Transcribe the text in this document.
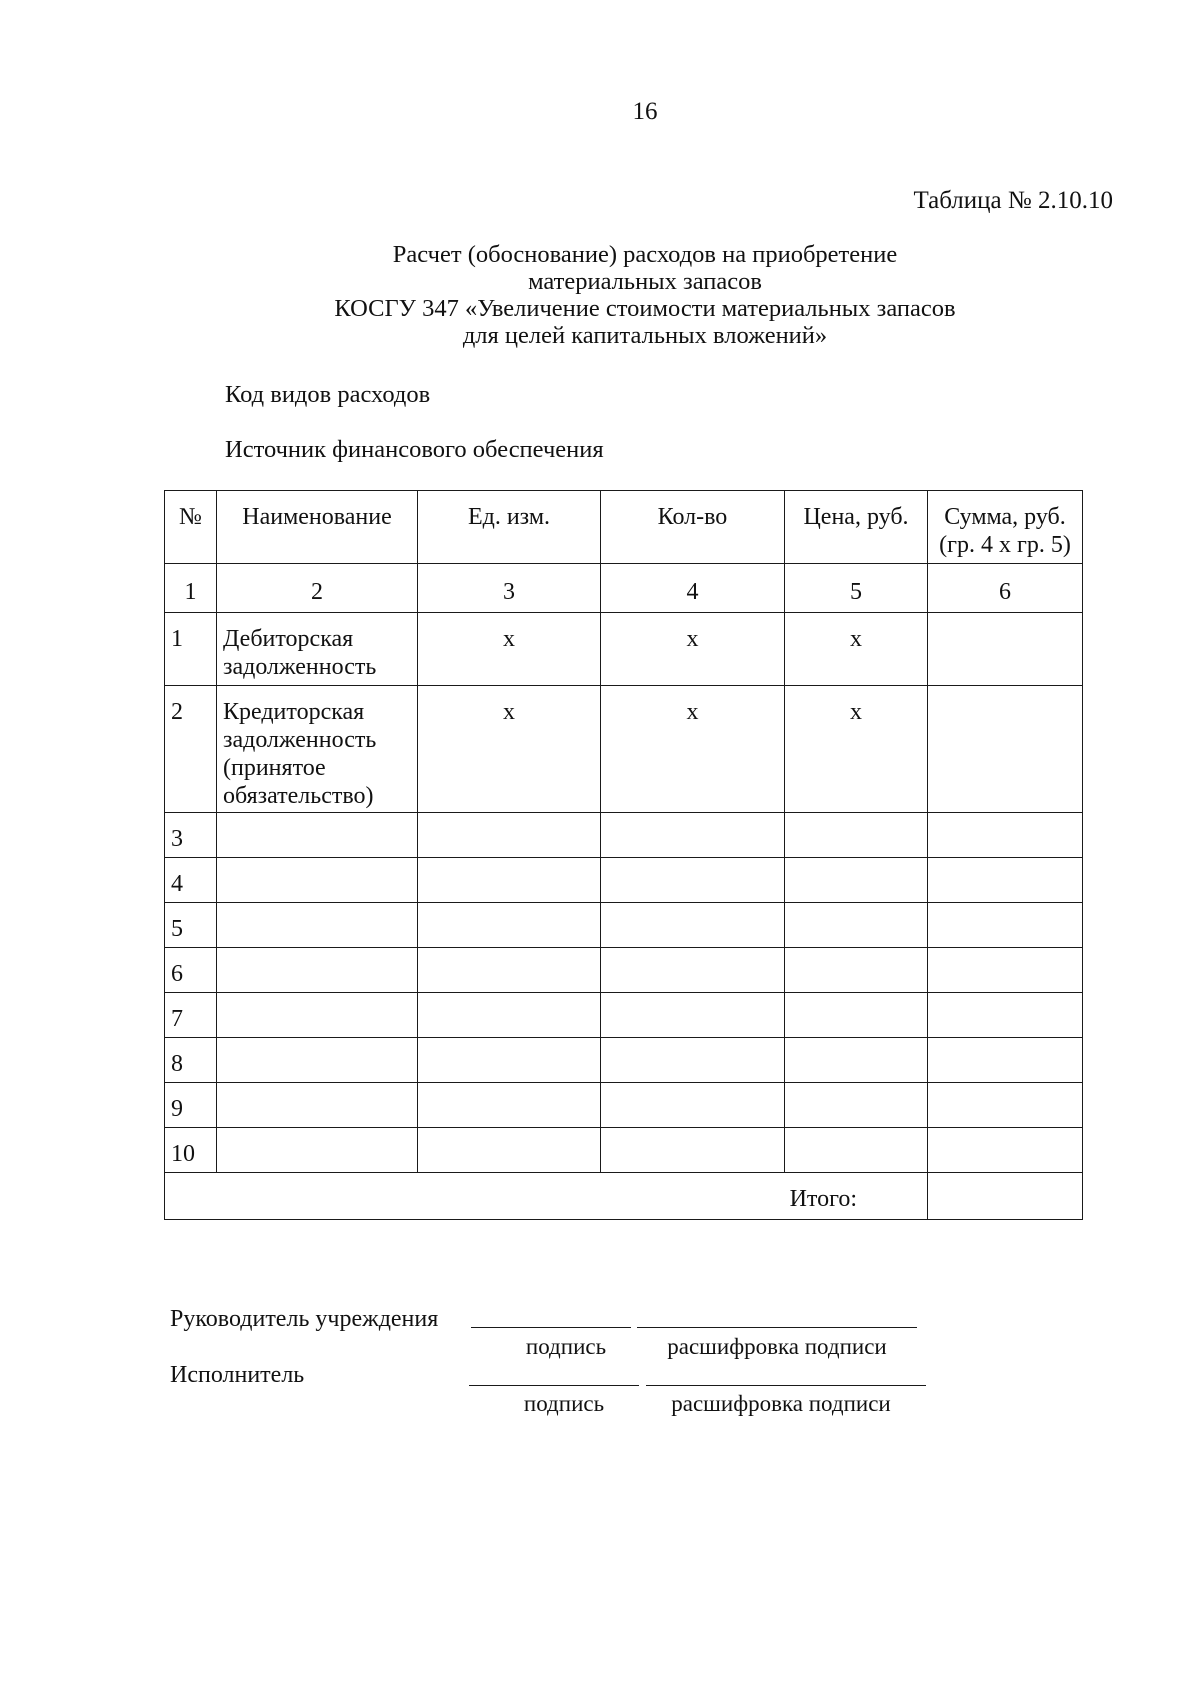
16
Таблица № 2.10.10
Расчет (обоснование) расходов на приобретение
материальных запасов
КОСГУ 347 «Увеличение стоимости материальных запасов
для целей капитальных вложений»
Код видов расходов
Источник финансового обеспечения
№	Наименование	Ед. изм.	Кол-во	Цена, руб.	Сумма, руб. (гр. 4 х гр. 5)
1	2	3	4	5	6
1	Дебиторская задолженность	х	х	х	
2	Кредиторская задолженность (принятое обязательство)	х	х	х	
3					
4					
5					
6					
7					
8					
9					
10					
Итого:					
Руководитель учреждения
Исполнитель
подпись	расшифровка подписи
подпись	расшифровка подписи
